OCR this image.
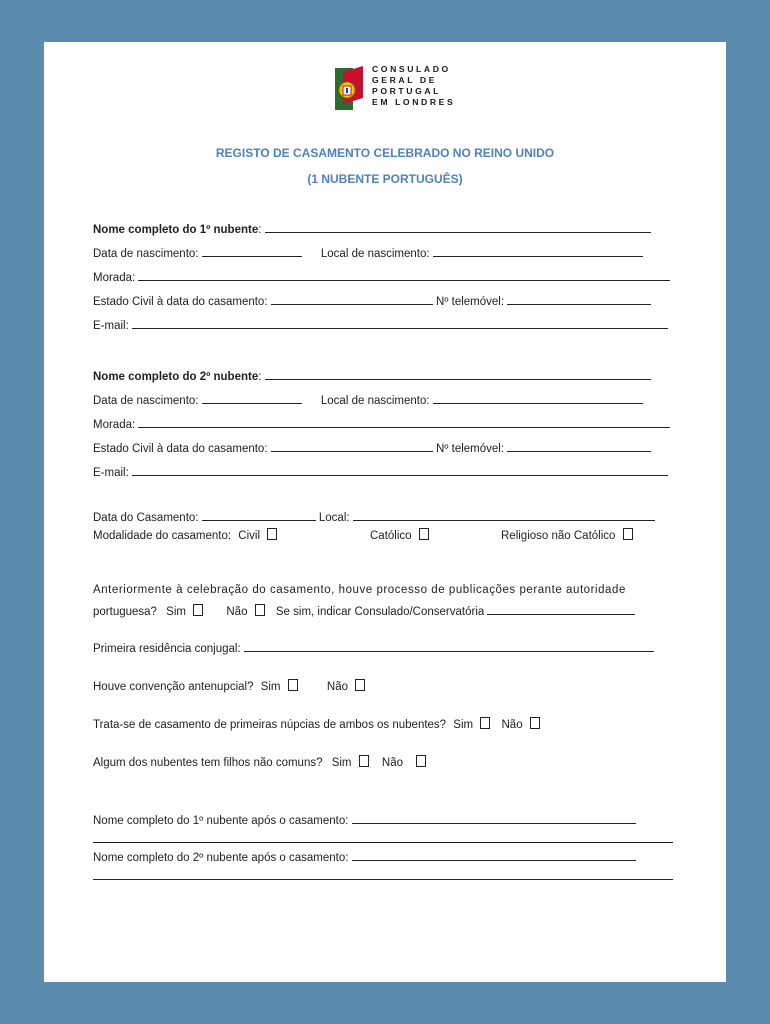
CONSULADO
GERAL DE
PORTUGAL
EM LONDRES
REGISTO DE CASAMENTO CELEBRADO NO REINO UNIDO
(1 NUBENTE PORTUGUÊS)
Nome completo do 1º nubente:
Data de nascimento:	Local de nascimento:
Morada:
Estado Civil à data do casamento:	Nº telemóvel:
E-mail:
Nome completo do 2º nubente:
Data de nascimento:	Local de nascimento:
Morada:
Estado Civil à data do casamento:	Nº telemóvel:
E-mail:
Data do Casamento:	Local:
Modalidade do casamento: Civil	Católico	Religioso não Católico
Anteriormente à celebração do casamento, houve processo de publicações perante autoridade
portuguesa? Sim	Não Se sim, indicar Consulado/Conservatória
Primeira residência conjugal:
Houve convenção antenupcial? Sim	Não
Trata-se de casamento de primeiras núpcias de ambos os nubentes? Sim Não
Algum dos nubentes tem filhos não comuns? Sim	Não
Nome completo do 1º nubente após o casamento:
Nome completo do 2º nubente após o casamento:
